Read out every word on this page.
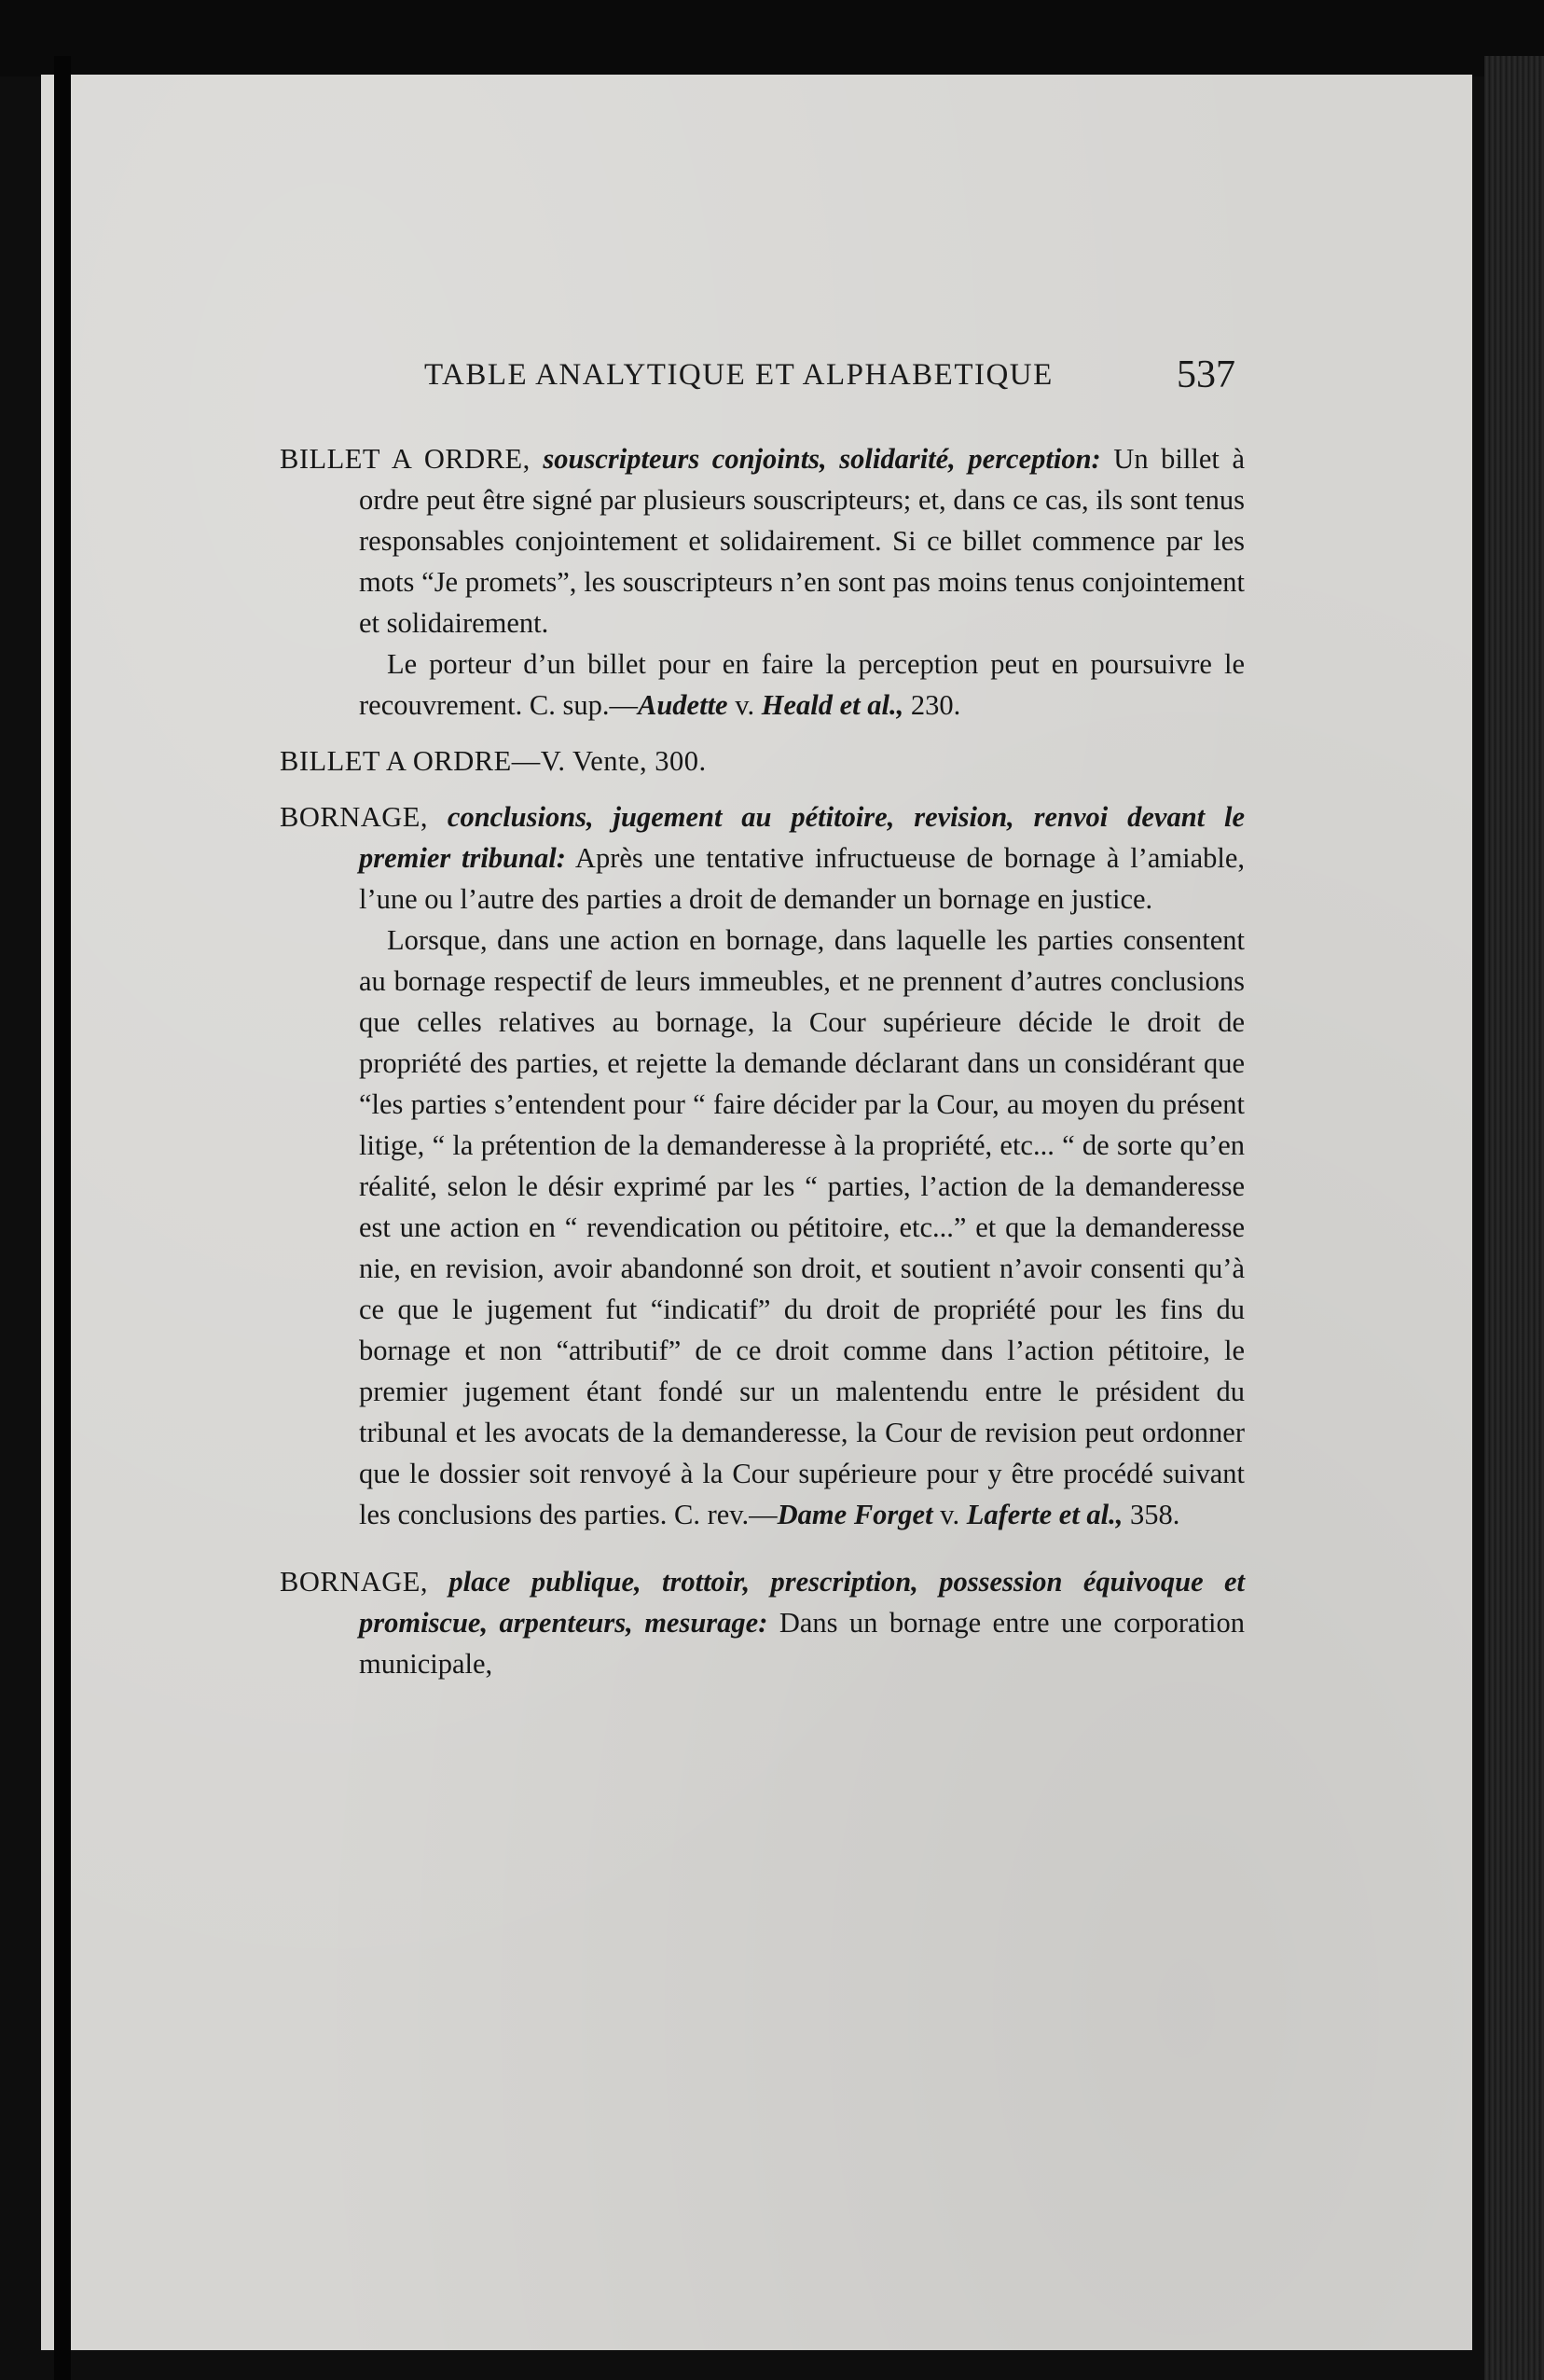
TABLE ANALYTIQUE ET ALPHABETIQUE	537

BILLET A ORDRE, souscripteurs conjoints, solidarité, perception: Un billet à ordre peut être signé par plusieurs souscripteurs; et, dans ce cas, ils sont tenus responsables conjointement et solidairement. Si ce billet commence par les mots “Je promets”, les souscripteurs n’en sont pas moins tenus conjointement et solidairement.

Le porteur d’un billet pour en faire la perception peut en poursuivre le recouvrement. C. sup.—Audette v. Heald et al., 230.

BILLET A ORDRE—V. Vente, 300.

BORNAGE, conclusions, jugement au pétitoire, revision, renvoi devant le premier tribunal: Après une tentative infructueuse de bornage à l’amiable, l’une ou l’autre des parties a droit de demander un bornage en justice.

Lorsque, dans une action en bornage, dans laquelle les parties consentent au bornage respectif de leurs immeubles, et ne prennent d’autres conclusions que celles relatives au bornage, la Cour supérieure décide le droit de propriété des parties, et rejette la demande déclarant dans un considérant que “les parties s’entendent pour “ faire décider par la Cour, au moyen du présent litige, “ la prétention de la demanderesse à la propriété, etc... “ de sorte qu’en réalité, selon le désir exprimé par les “ parties, l’action de la demanderesse est une action en “ revendication ou pétitoire, etc...” et que la demanderesse nie, en revision, avoir abandonné son droit, et soutient n’avoir consenti qu’à ce que le jugement fut “indicatif” du droit de propriété pour les fins du bornage et non “attributif” de ce droit comme dans l’action pétitoire, le premier jugement étant fondé sur un malentendu entre le président du tribunal et les avocats de la demanderesse, la Cour de revision peut ordonner que le dossier soit renvoyé à la Cour supérieure pour y être procédé suivant les conclusions des parties. C. rev.—Dame Forget v. Laferte et al., 358.

BORNAGE, place publique, trottoir, prescription, possession équivoque et promiscue, arpenteurs, mesurage: Dans un bornage entre une corporation municipale,
